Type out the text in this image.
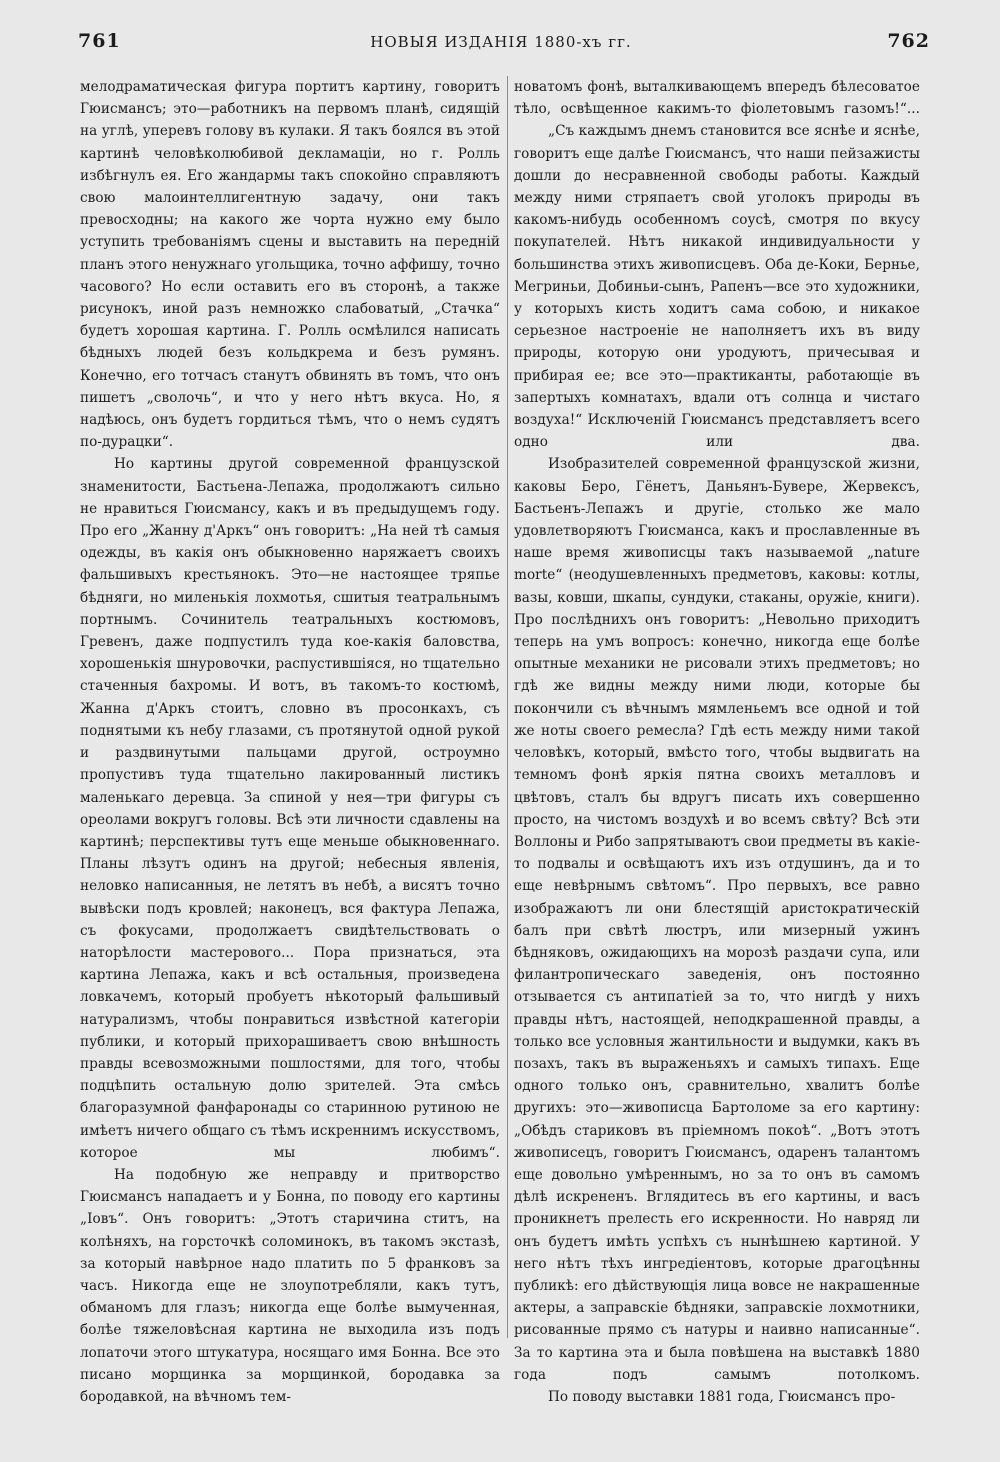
761	НОВЫЯ ИЗДАНІЯ 1880-хъ гг.	762

мелодраматическая фигура портитъ картину, говоритъ Гюисмансъ; это—работникъ на первомъ планѣ, сидящій на углѣ, уперевъ голову въ кулаки. Я такъ боялся въ этой картинѣ человѣколюбивой декламаціи, но г. Ролль избѣгнулъ ея. Его жандармы такъ спокойно справляютъ свою малоинтеллигентную задачу, они такъ превосходны; на какого же чорта нужно ему было уступить требованіямъ сцены и выставить на передній планъ этого ненужнаго угольщика, точно аффишу, точно часового? Но если оставить его въ сторонѣ, а также рисунокъ, иной разъ немножко слабоватый, „Стачка“ будетъ хорошая картина. Г. Ролль осмѣлился написать бѣдныхъ людей безъ кольдкрема и безъ румянъ. Конечно, его тотчасъ станутъ обвинять въ томъ, что онъ пишетъ „сволочь“, и что у него нѣтъ вкуса. Но, я надѣюсь, онъ будетъ гордиться тѣмъ, что о немъ судятъ по-дурацки“.

Но картины другой современной французской знаменитости, Бастьена-Лепажа, продолжаютъ сильно не нравиться Гюисмансу, какъ и въ предыдущемъ году. Про его „Жанну д'Аркъ“ онъ говоритъ: „На ней тѣ самыя одежды, въ какія онъ обыкновенно наряжаетъ своихъ фальшивыхъ крестьянокъ. Это—не настоящее тряпье бѣдняги, но миленькія лохмотья, сшитыя театральнымъ портнымъ. Сочинитель театральныхъ костюмовъ, Гревенъ, даже подпустилъ туда кое-какія баловства, хорошенькія шнуровочки, распустившіяся, но тщательно стаченныя бахромы. И вотъ, въ такомъ-то костюмѣ, Жанна д'Аркъ стоитъ, словно въ просонкахъ, съ поднятыми къ небу глазами, съ протянутой одной рукой и раздвинутыми пальцами другой, остроумно пропустивъ туда тщательно лакированный листикъ маленькаго деревца. За спиной у нея—три фигуры съ ореолами вокругъ головы. Всѣ эти личности сдавлены на картинѣ; перспективы тутъ еще меньше обыкновеннаго. Планы лѣзутъ одинъ на другой; небесныя явленія, неловко написанныя, не летятъ въ небѣ, а висятъ точно вывѣски подъ кровлей; наконецъ, вся фактура Лепажа, съ фокусами, продолжаетъ свидѣтельствовать о наторѣлости мастерового... Пора признаться, эта картина Лепажа, какъ и всѣ остальныя, произведена ловкачемъ, который пробуетъ нѣкоторый фальшивый натурализмъ, чтобы понравиться извѣстной категоріи публики, и который прихорашиваетъ свою внѣшность правды всевозможными пошлостями, для того, чтобы подцѣпить остальную долю зрителей. Эта смѣсь благоразумной фанфаронады со старинною рутиною не имѣетъ ничего общаго съ тѣмъ искреннимъ искусствомъ, которое мы любимъ“.

На подобную же неправду и притворство Гюисмансъ нападаетъ и у Бонна, по поводу его картины „Іовъ“. Онъ говоритъ: „Этотъ старичина ститъ, на колѣняхъ, на горсточкѣ соломинокъ, въ такомъ экстазѣ, за который навѣрное надо платить по 5 франковъ за часъ. Никогда еще не злоупотребляли, какъ тутъ, обманомъ для глазъ; никогда еще болѣе вымученная, болѣе тяжеловѣсная картина не выходила изъ подъ лопаточи этого штукатура, носящаго имя Бонна. Все это писано морщинка за морщинкой, бородавка за бородавкой, на вѣчномъ тем-

новатомъ фонѣ, выталкивающемъ впередъ бѣлесоватое тѣло, освѣщенное какимъ-то фіолетовымъ газомъ!“...

„Съ каждымъ днемъ становится все яснѣе и яснѣе, говоритъ еще далѣе Гюисмансъ, что наши пейзажисты дошли до несравненной свободы работы. Каждый между ними стряпаетъ свой уголокъ природы въ какомъ-нибудь особенномъ соусѣ, смотря по вкусу покупателей. Нѣтъ никакой индивидуальности у большинства этихъ живописцевъ. Оба де-Коки, Бернье, Мегриньи, Добиньи-сынъ, Рапенъ—все это художники, у которыхъ кисть ходитъ сама собою, и никакое серьезное настроеніе не наполняетъ ихъ въ виду природы, которую они уродуютъ, причесывая и прибирая ее; все это—практиканты, работающіе въ запертыхъ комнатахъ, вдали отъ солнца и чистаго воздуха!“ Исключеній Гюисмансъ представляетъ всего одно или два.

Изобразителей современной французской жизни, каковы Беро, Гёнетъ, Даньянъ-Бувере, Жервексъ, Бастьенъ-Лепажъ и другіе, столько же мало удовлетворяютъ Гюисманса, какъ и прославленные въ наше время живописцы такъ называемой „nature morte“ (неодушевленныхъ предметовъ, каковы: котлы, вазы, ковши, шкапы, сундуки, стаканы, оружіе, книги). Про послѣднихъ онъ говоритъ: „Невольно приходитъ теперь на умъ вопросъ: конечно, никогда еще болѣе опытные механики не рисовали этихъ предметовъ; но гдѣ же видны между ними люди, которые бы покончили съ вѣчнымъ мямленьемъ все одной и той же ноты своего ремесла? Гдѣ есть между ними такой человѣкъ, который, вмѣсто того, чтобы выдвигать на темномъ фонѣ яркія пятна своихъ металловъ и цвѣтовъ, сталъ бы вдругъ писать ихъ совершенно просто, на чистомъ воздухѣ и во всемъ свѣту? Всѣ эти Воллоны и Рибо запрятываютъ свои предметы въ какіе-то подвалы и освѣщаютъ ихъ изъ отдушинъ, да и то еще невѣрнымъ свѣтомъ“. Про первыхъ, все равно изображаютъ ли они блестящій аристократическій балъ при свѣтѣ люстръ, или мизерный ужинъ бѣдняковъ, ожидающихъ на морозѣ раздачи супа, или филантропическаго заведенія, онъ постоянно отзывается съ антипатіей за то, что нигдѣ у нихъ правды нѣтъ, настоящей, неподкрашенной правды, а только все условныя жантильности и выдумки, какъ въ позахъ, такъ въ выраженьяхъ и самыхъ типахъ. Еще одного только онъ, сравнительно, хвалитъ болѣе другихъ: это—живописца Бартоломе за его картину: „Обѣдъ стариковъ въ пріемномъ покоѣ“. „Вотъ этотъ живописецъ, говоритъ Гюисмансъ, одаренъ талантомъ еще довольно умѣреннымъ, но за то онъ въ самомъ дѣлѣ искрененъ. Вглядитесь въ его картины, и васъ проникнетъ прелесть его искренности. Но навряд ли онъ будетъ имѣть успѣхъ съ нынѣшнею картиной. У него нѣтъ тѣхъ ингредіентовъ, которые драгоцѣнны публикѣ: его дѣйствующія лица вовсе не накрашенные актеры, а заправскіе бѣдняки, заправскіе лохмотники, рисованные прямо съ натуры и наивно написанные“. За то картина эта и была повѣшена на выставкѣ 1880 года подъ самымъ потолкомъ.

По поводу выставки 1881 года, Гюисмансъ про-
